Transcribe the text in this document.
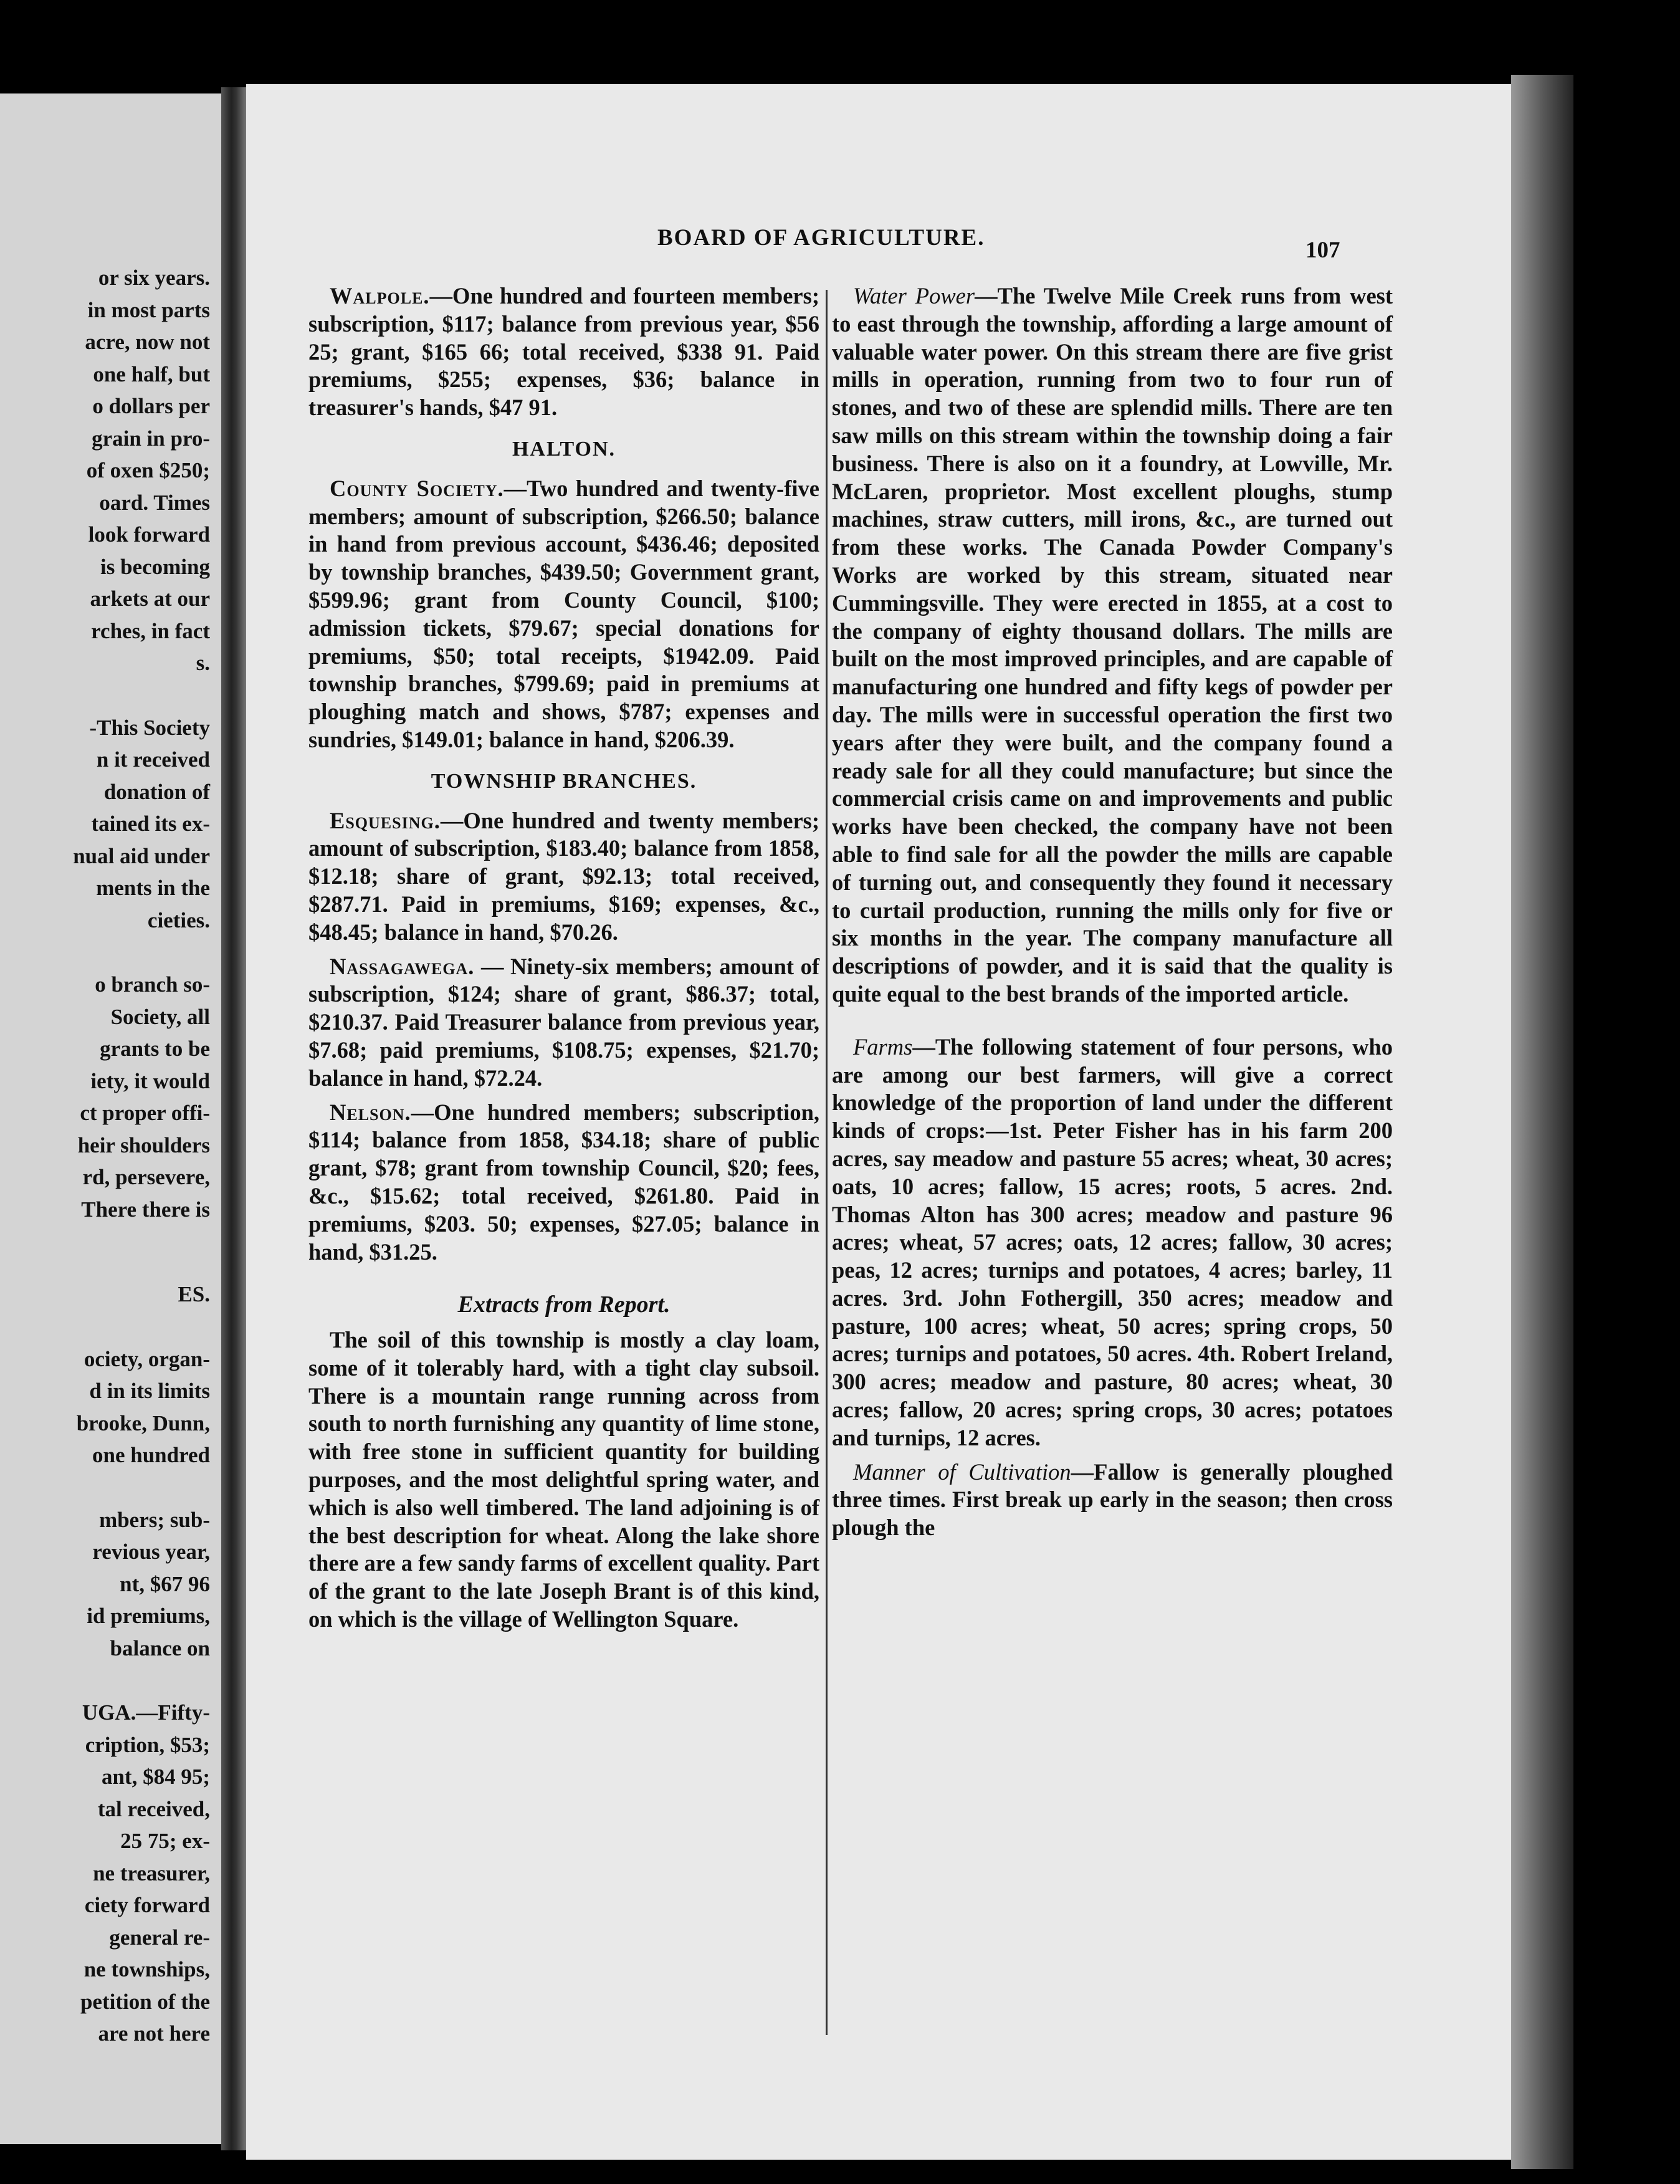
or six years.
in most parts
acre, now not
one half, but
o dollars per
grain in pro-
of oxen $250;
oard. Times
look forward
is becoming
arkets at our
rches, in fact
s.
-This Society
n it received
donation of
tained its ex-
nual aid under
ments in the
cieties.
o branch so-
Society, all
grants to be
iety, it would
ct proper offi-
heir shoulders
rd, persevere,
There there is
ES.
ociety, organ-
d in its limits
brooke, Dunn,
one hundred
mbers; sub-
revious year,
nt, $67 96
id premiums,
balance on
UGA.—Fifty-
cription, $53;
ant, $84 95;
tal received,
25 75; ex-
ne treasurer,
ciety forward
general re-
ne townships,
petition of the
are not here
BOARD OF AGRICULTURE.	107

Walpole.—One hundred and fourteen members; subscription, $117; balance from previous year, $56 25; grant, $165 66; total received, $338 91. Paid premiums, $255; expenses, $36; balance in treasurer's hands, $47 91.

HALTON.

County Society.—Two hundred and twenty-five members; amount of subscription, $266.50; balance in hand from previous account, $436.46; deposited by township branches, $439.50; Government grant, $599.96; grant from County Council, $100; admission tickets, $79.67; special donations for premiums, $50; total receipts, $1942.09. Paid township branches, $799.69; paid in premiums at ploughing match and shows, $787; expenses and sundries, $149.01; balance in hand, $206.39.

TOWNSHIP BRANCHES.

Esquesing.—One hundred and twenty members; amount of subscription, $183.40; balance from 1858, $12.18; share of grant, $92.13; total received, $287.71. Paid in premiums, $169; expenses, &c., $48.45; balance in hand, $70.26.

Nassagawega. — Ninety-six members; amount of subscription, $124; share of grant, $86.37; total, $210.37. Paid Treasurer balance from previous year, $7.68; paid premiums, $108.75; expenses, $21.70; balance in hand, $72.24.

Nelson.—One hundred members; subscription, $114; balance from 1858, $34.18; share of public grant, $78; grant from township Council, $20; fees, &c., $15.62; total received, $261.80. Paid in premiums, $203. 50; expenses, $27.05; balance in hand, $31.25.

Extracts from Report.

The soil of this township is mostly a clay loam, some of it tolerably hard, with a tight clay subsoil. There is a mountain range running across from south to north furnishing any quantity of lime stone, with free stone in sufficient quantity for building purposes, and the most delightful spring water, and which is also well timbered. The land adjoining is of the best description for wheat. Along the lake shore there are a few sandy farms of excellent quality. Part of the grant to the late Joseph Brant is of this kind, on which is the village of Wellington Square.

Water Power—The Twelve Mile Creek runs from west to east through the township, affording a large amount of valuable water power. On this stream there are five grist mills in operation, running from two to four run of stones, and two of these are splendid mills. There are ten saw mills on this stream within the township doing a fair business. There is also on it a foundry, at Lowville, Mr. McLaren, proprietor. Most excellent ploughs, stump machines, straw cutters, mill irons, &c., are turned out from these works. The Canada Powder Company's Works are worked by this stream, situated near Cummingsville. They were erected in 1855, at a cost to the company of eighty thousand dollars. The mills are built on the most improved principles, and are capable of manufacturing one hundred and fifty kegs of powder per day. The mills were in successful operation the first two years after they were built, and the company found a ready sale for all they could manufacture; but since the commercial crisis came on and improvements and public works have been checked, the company have not been able to find sale for all the powder the mills are capable of turning out, and consequently they found it necessary to curtail production, running the mills only for five or six months in the year. The company manufacture all descriptions of powder, and it is said that the quality is quite equal to the best brands of the imported article.

Farms—The following statement of four persons, who are among our best farmers, will give a correct knowledge of the proportion of land under the different kinds of crops:—1st. Peter Fisher has in his farm 200 acres, say meadow and pasture 55 acres; wheat, 30 acres; oats, 10 acres; fallow, 15 acres; roots, 5 acres. 2nd. Thomas Alton has 300 acres; meadow and pasture 96 acres; wheat, 57 acres; oats, 12 acres; fallow, 30 acres; peas, 12 acres; turnips and potatoes, 4 acres; barley, 11 acres. 3rd. John Fothergill, 350 acres; meadow and pasture, 100 acres; wheat, 50 acres; spring crops, 50 acres; turnips and potatoes, 50 acres. 4th. Robert Ireland, 300 acres; meadow and pasture, 80 acres; wheat, 30 acres; fallow, 20 acres; spring crops, 30 acres; potatoes and turnips, 12 acres.

Manner of Cultivation—Fallow is generally ploughed three times. First break up early in the season; then cross plough the
